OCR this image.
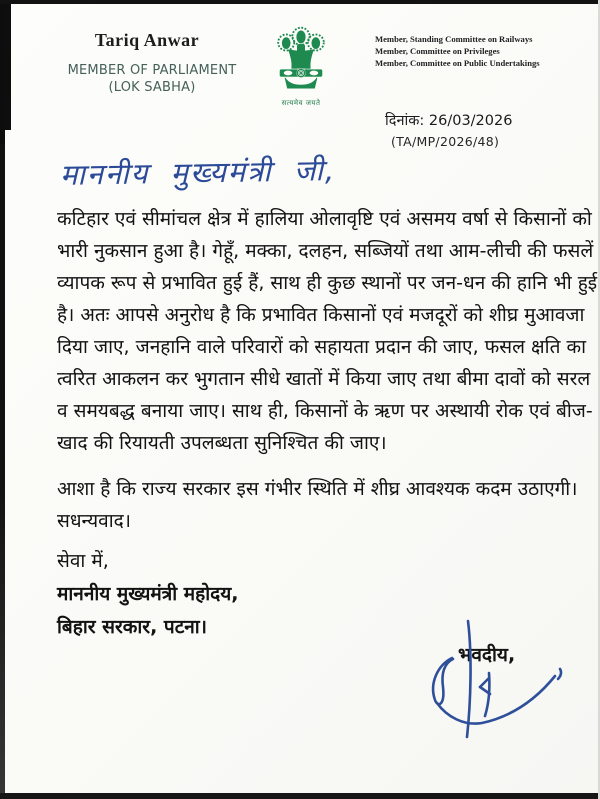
Tariq Anwar
MEMBER OF PARLIAMENT
(LOK SABHA)
सत्यमेव जयते
Member, Standing Committee on Railways
Member, Committee on Privileges
Member, Committee on Public Undertakings
दिनांक: 26/03/2026
(TA/MP/2026/48)
माननीय मुख्यमंत्री जी,
कटिहार एवं सीमांचल क्षेत्र में हालिया ओलावृष्टि एवं असमय वर्षा से किसानों को
भारी नुकसान हुआ है। गेहूँ, मक्का, दलहन, सब्जियों तथा आम-लीची की फसलें
व्यापक रूप से प्रभावित हुई हैं, साथ ही कुछ स्थानों पर जन-धन की हानि भी हुई
है। अतः आपसे अनुरोध है कि प्रभावित किसानों एवं मजदूरों को शीघ्र मुआवजा
दिया जाए, जनहानि वाले परिवारों को सहायता प्रदान की जाए, फसल क्षति का
त्वरित आकलन कर भुगतान सीधे खातों में किया जाए तथा बीमा दावों को सरल
व समयबद्ध बनाया जाए। साथ ही, किसानों के ऋण पर अस्थायी रोक एवं बीज-
खाद की रियायती उपलब्धता सुनिश्चित की जाए।
आशा है कि राज्य सरकार इस गंभीर स्थिति में शीघ्र आवश्यक कदम उठाएगी।
सधन्यवाद।
सेवा में,
माननीय मुख्यमंत्री महोदय,
बिहार सरकार, पटना।
भवदीय,
